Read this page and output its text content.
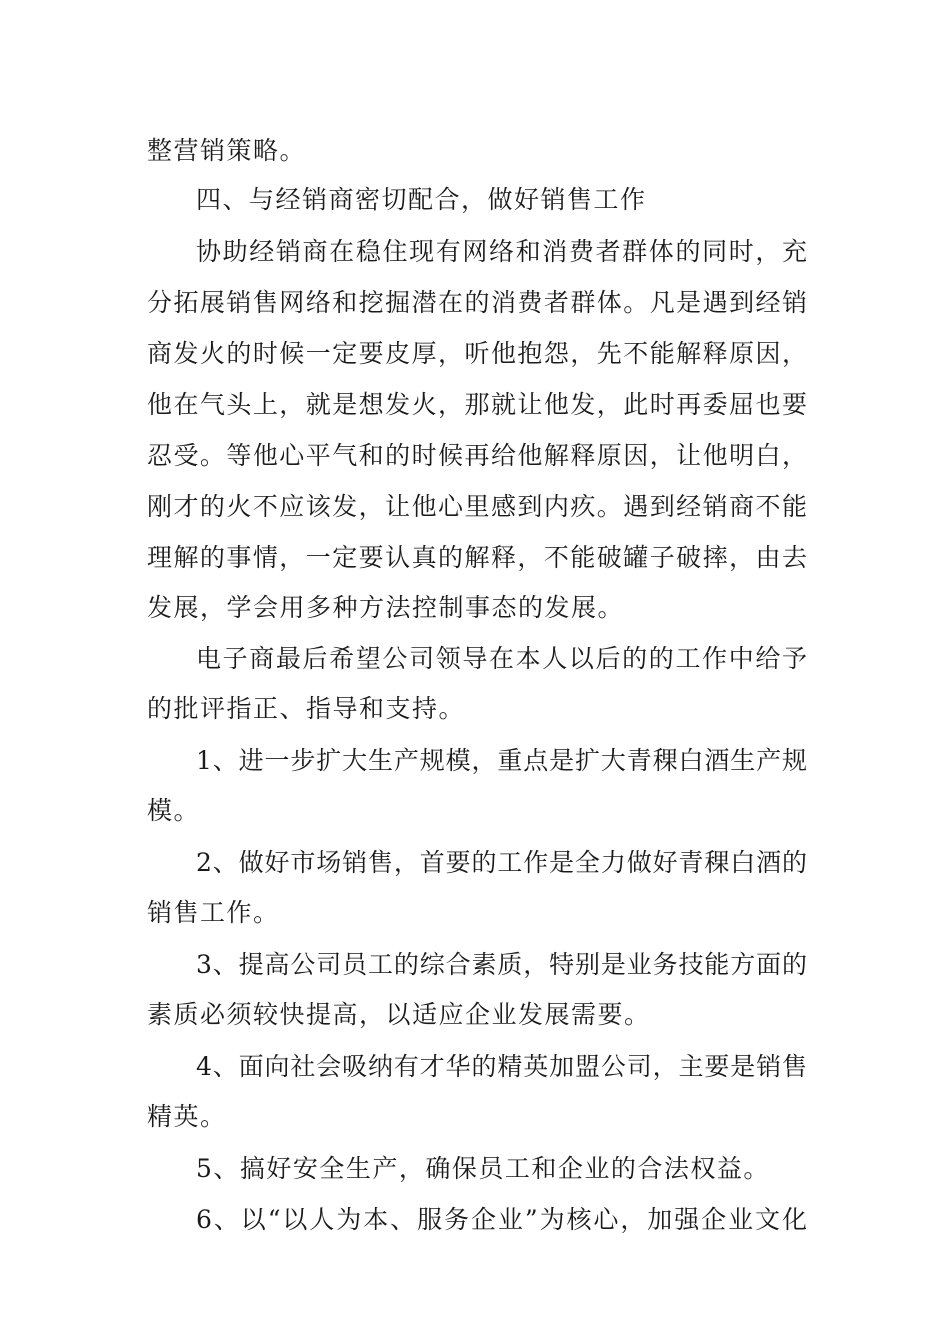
整营销策略。
四、与经销商密切配合，做好销售工作
协助经销商在稳住现有网络和消费者群体的同时，充
分拓展销售网络和挖掘潜在的消费者群体。凡是遇到经销
商发火的时候一定要皮厚，听他抱怨，先不能解释原因，
他在气头上，就是想发火，那就让他发，此时再委屈也要
忍受。等他心平气和的时候再给他解释原因，让他明白，
刚才的火不应该发，让他心里感到内疚。遇到经销商不能
理解的事情，一定要认真的解释，不能破罐子破摔，由去
发展，学会用多种方法控制事态的发展。
电子商最后希望公司领导在本人以后的的工作中给予
的批评指正、指导和支持。
1、进一步扩大生产规模，重点是扩大青稞白酒生产规
模。
2、做好市场销售，首要的工作是全力做好青稞白酒的
销售工作。
3、提高公司员工的综合素质，特别是业务技能方面的
素质必须较快提高，以适应企业发展需要。
4、面向社会吸纳有才华的精英加盟公司，主要是销售
精英。
5、搞好安全生产，确保员工和企业的合法权益。
6、以“以人为本、服务企业”为核心，加强企业文化
